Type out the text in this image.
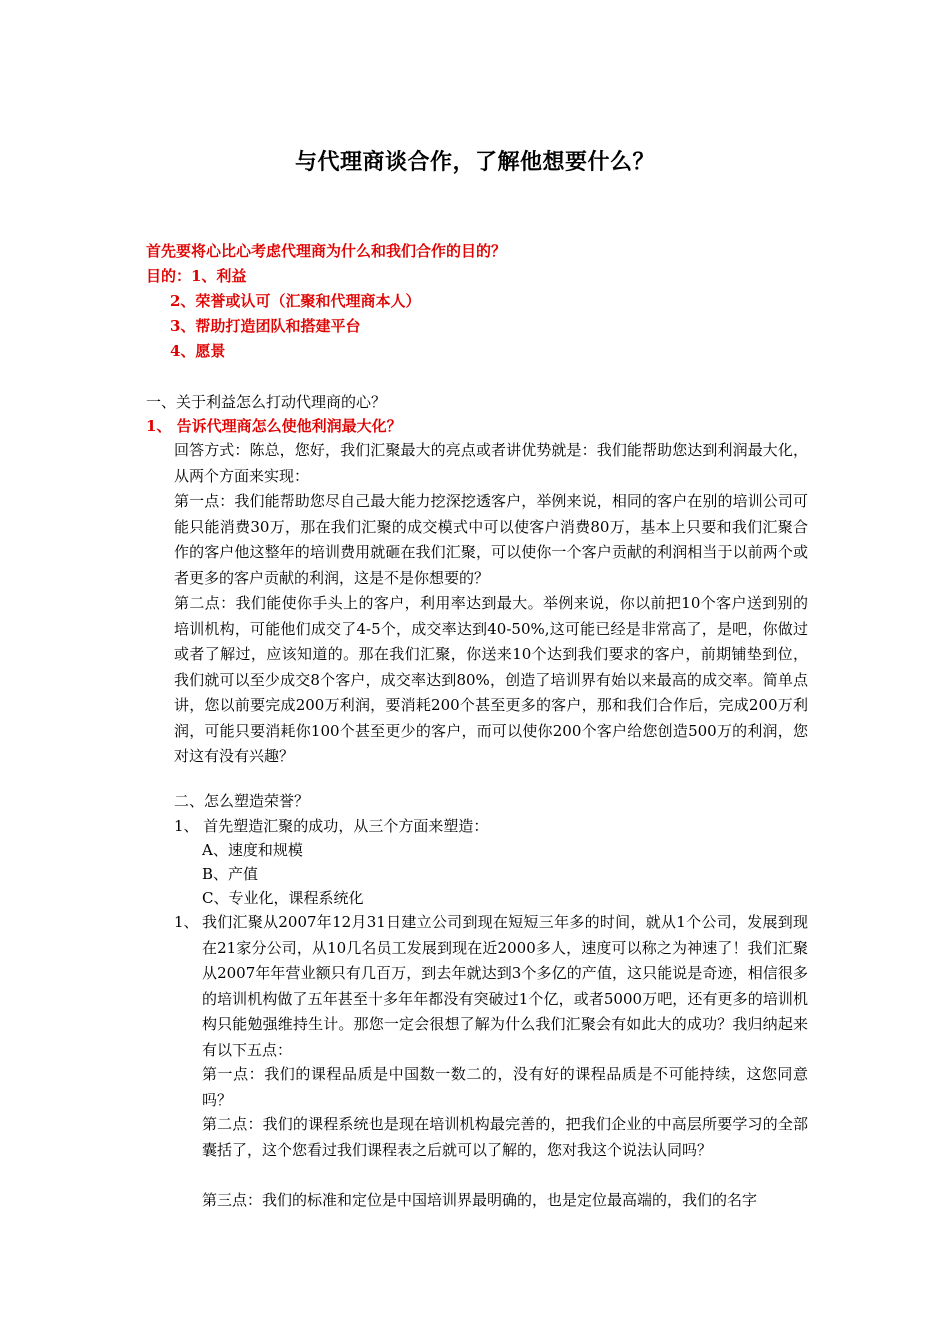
与代理商谈合作，了解他想要什么？
首先要将心比心考虑代理商为什么和我们合作的目的？
目的：1、利益
2、荣誉或认可（汇聚和代理商本人）
3、帮助打造团队和搭建平台
4、愿景
一、关于利益怎么打动代理商的心？
1、 告诉代理商怎么使他利润最大化？
回答方式：陈总，您好，我们汇聚最大的亮点或者讲优势就是：我们能帮助您达到利润最大化，从两个方面来实现：
第一点：我们能帮助您尽自己最大能力挖深挖透客户，举例来说，相同的客户在别的培训公司可能只能消费30万，那在我们汇聚的成交模式中可以使客户消费80万，基本上只要和我们汇聚合作的客户他这整年的培训费用就砸在我们汇聚，可以使你一个客户贡献的利润相当于以前两个或者更多的客户贡献的利润，这是不是你想要的？
第二点：我们能使你手头上的客户，利用率达到最大。举例来说，你以前把10个客户送到别的培训机构，可能他们成交了4-5个，成交率达到40-50%,这可能已经是非常高了，是吧，你做过或者了解过，应该知道的。那在我们汇聚，你送来10个达到我们要求的客户，前期铺垫到位，我们就可以至少成交8个客户，成交率达到80%，创造了培训界有始以来最高的成交率。简单点讲，您以前要完成200万利润，要消耗200个甚至更多的客户，那和我们合作后，完成200万利润，可能只要消耗你100个甚至更少的客户，而可以使你200个客户给您创造500万的利润，您对这有没有兴趣？
二、怎么塑造荣誉？
1、 首先塑造汇聚的成功，从三个方面来塑造：
A、速度和规模
B、产值
C、专业化，课程系统化
1、 我们汇聚从2007年12月31日建立公司到现在短短三年多的时间，就从1个公司，发展到现在21家分公司，从10几名员工发展到现在近2000多人，速度可以称之为神速了！我们汇聚从2007年年营业额只有几百万，到去年就达到3个多亿的产值，这只能说是奇迹，相信很多的培训机构做了五年甚至十多年年都没有突破过1个亿，或者5000万吧，还有更多的培训机构只能勉强维持生计。那您一定会很想了解为什么我们汇聚会有如此大的成功？我归纳起来有以下五点：
第一点：我们的课程品质是中国数一数二的，没有好的课程品质是不可能持续，这您同意吗？
第二点：我们的课程系统也是现在培训机构最完善的，把我们企业的中高层所要学习的全部囊括了，这个您看过我们课程表之后就可以了解的，您对我这个说法认同吗？
第三点：我们的标准和定位是中国培训界最明确的，也是定位最高端的，我们的名字
